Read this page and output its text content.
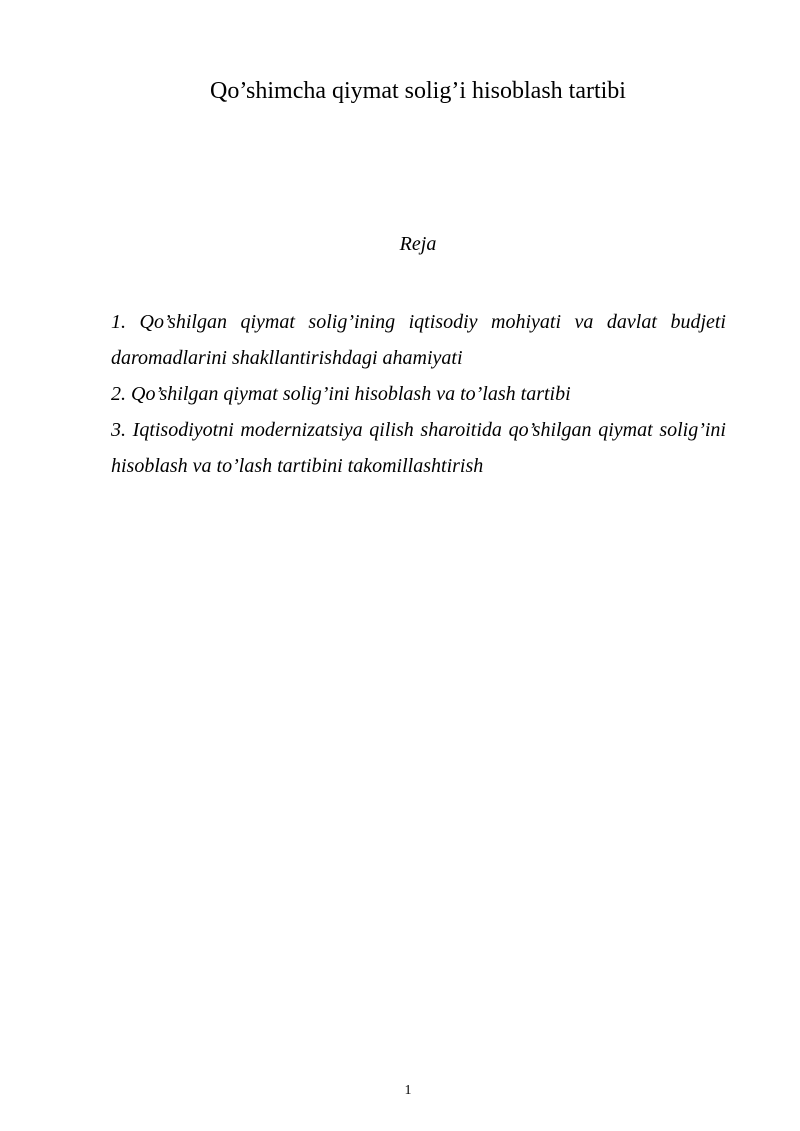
Qo’shimcha qiymat solig’i hisoblash tartibi
Reja
1. Qo’shilgan qiymat solig’ining iqtisodiy mohiyati va davlat budjeti daromadlarini shakllantirishdagi ahamiyati
2. Qo’shilgan qiymat solig’ini hisoblash va to’lash tartibi
3. Iqtisodiyotni modernizatsiya qilish sharoitida qo’shilgan qiymat solig’ini hisoblash va to’lash tartibini takomillashtirish
1
